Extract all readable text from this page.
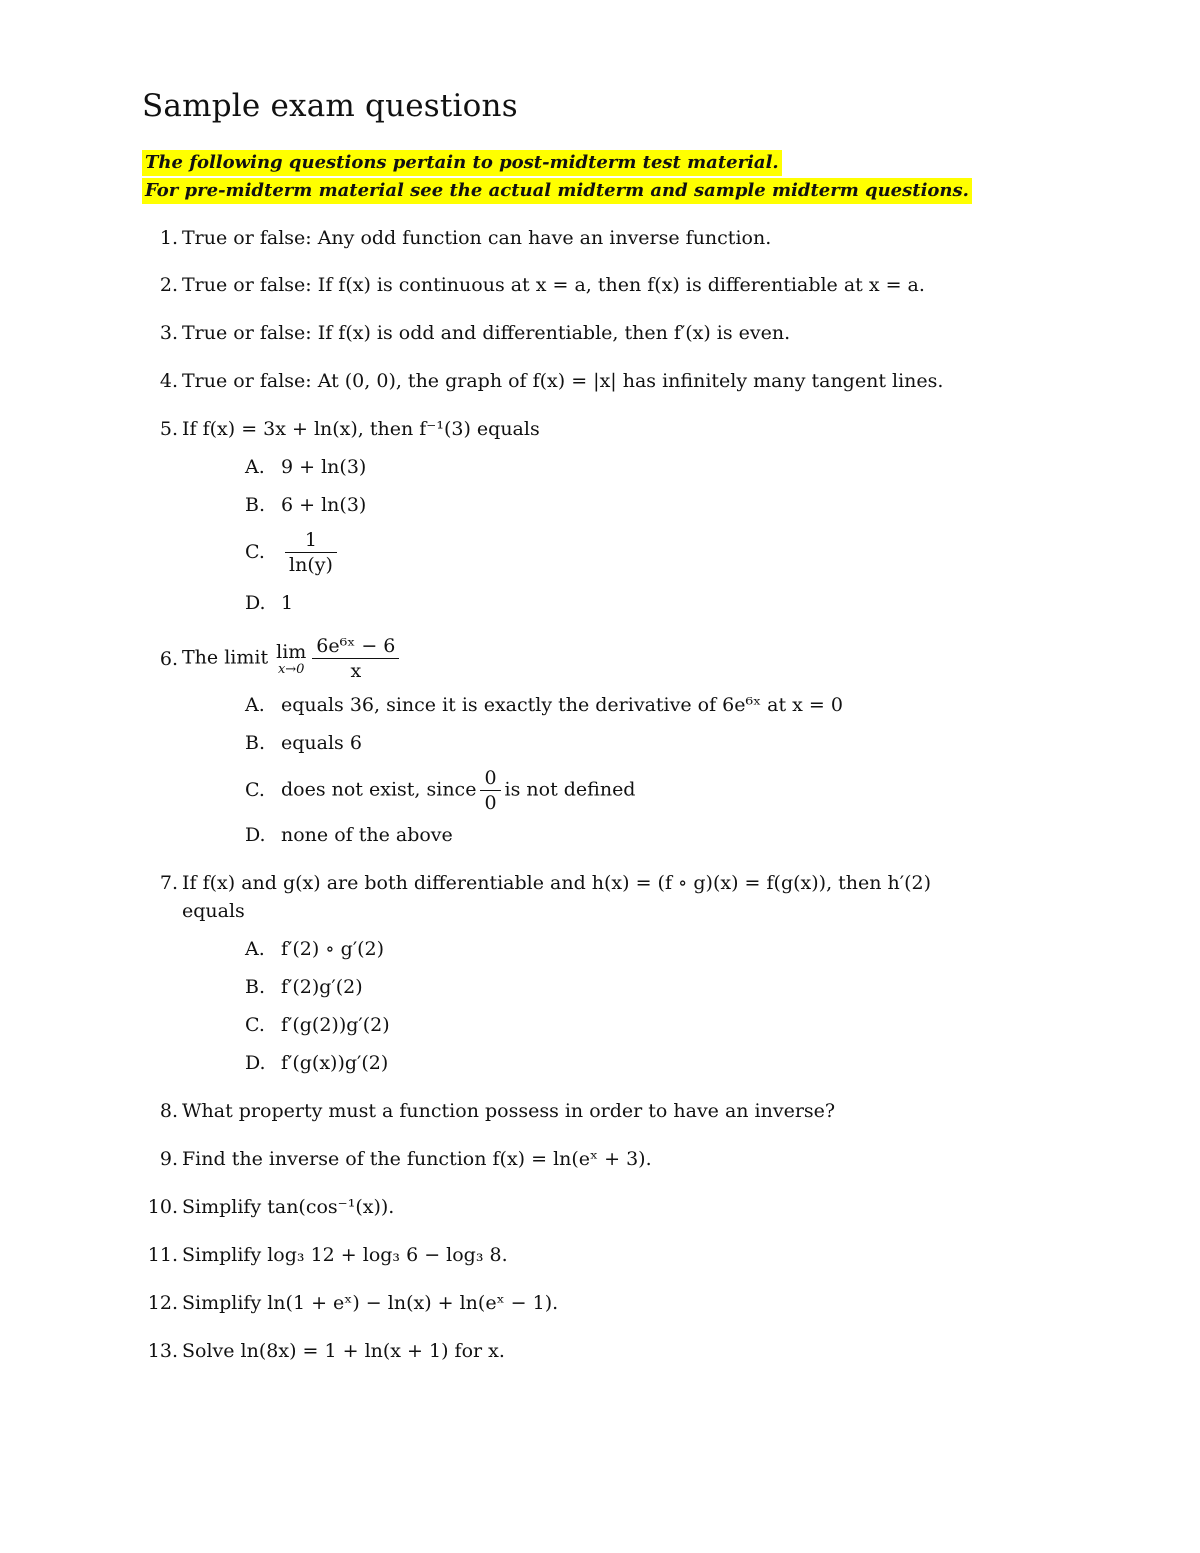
Sample exam questions
The following questions pertain to post-midterm test material.
For pre-midterm material see the actual midterm and sample midterm questions.
1. True or false: Any odd function can have an inverse function.
2. True or false: If f(x) is continuous at x = a, then f(x) is differentiable at x = a.
3. True or false: If f(x) is odd and differentiable, then f′(x) is even.
4. True or false: At (0, 0), the graph of f(x) = |x| has infinitely many tangent lines.
5. If f(x) = 3x + ln(x), then f⁻¹(3) equals
A. 9 + ln(3)
B. 6 + ln(3)
C. $\frac{1}{\ln(y)}$
D. 1
6. The limit lim
$x\to 0 \frac{\text{6e⁶ˣ − 6}}{x}$
A. equals 36, since it is exactly the derivative of 6e⁶ˣ at x = 0
B. equals 6
C. does not exist, since $\frac{0}{0}$ is not defined
D. none of the above
7. If f(x) and g(x) are both differentiable and h(x) = (f ∘ g)(x) = f(g(x)), then h′(2)
equals
A. f′(2) ∘ g′(2)
B. f′(2)g′(2)
C. f′(g(2))g′(2)
D. f′(g(x))g′(2)
8. What property must a function possess in order to have an inverse?
9. Find the inverse of the function f(x) = ln(eˣ + 3).
10. Simplify tan(cos⁻¹(x)).
11. Simplify log₃ 12 + log₃ 6 − log₃ 8.
12. Simplify ln(1 + eˣ) − ln(x) + ln(eˣ − 1).
13. Solve ln(8x) = 1 + ln(x + 1) for x.
